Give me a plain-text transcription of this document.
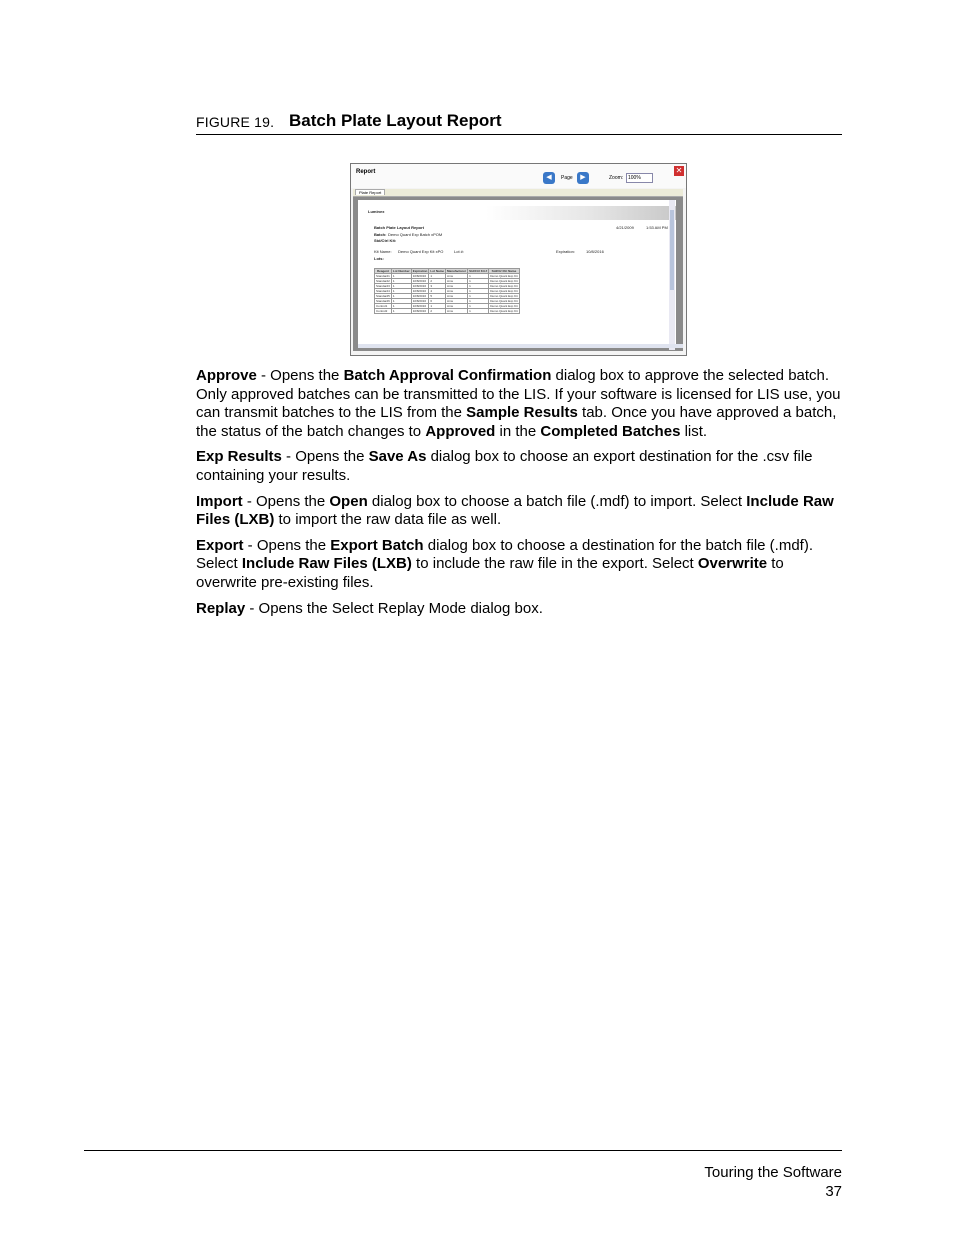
FIGURE 19. Batch Plate Layout Report
Report
◀	Page	▶	Zoom: 100%
✕
Plate Report
Luminex
Batch Plate Layout Report	4/21/2009	1:53 AM PM
Batch: Demo Quant Exp Batch xPOM
Std/Ctrl Kit:
Kit Name: Demo Quant Exp Kit xPO	Lot #:	Expiration:	10/8/2016
Lots:
Reagent	Lot Number	Expiration	Lot Name	Manufacturer	Std/Ctrl Kit #	Std/Ctrl Kit Name
Standard1	1	10/8/2016	1	Ams	1	Demo Quant Exp Kit
Standard2	1	10/8/2016	2	Ams	1	Demo Quant Exp Kit
Standard3	1	10/8/2016	3	Ams	1	Demo Quant Exp Kit
Standard4	1	10/8/2016	4	Ams	1	Demo Quant Exp Kit
Standard5	1	10/8/2016	5	Ams	1	Demo Quant Exp Kit
Standard6	1	10/8/2016	6	Ams	1	Demo Quant Exp Kit
Control1	1	10/8/2016	1	Ams	1	Demo Quant Exp Kit
Control2	1	10/8/2016	2	Ams	1	Demo Quant Exp Kit

Approve - Opens the Batch Approval Confirmation dialog box to approve the selected batch. Only approved batches can be transmitted to the LIS. If your software is licensed for LIS use, you can transmit batches to the LIS from the Sample Results tab. Once you have approved a batch, the status of the batch changes to Approved in the Completed Batches list.

Exp Results - Opens the Save As dialog box to choose an export destination for the .csv file containing your results.

Import - Opens the Open dialog box to choose a batch file (.mdf) to import. Select Include Raw Files (LXB) to import the raw data file as well.

Export - Opens the Export Batch dialog box to choose a destination for the batch file (.mdf). Select Include Raw Files (LXB) to include the raw file in the export. Select Overwrite to overwrite pre-existing files.

Replay - Opens the Select Replay Mode dialog box.

Touring the Software
37
